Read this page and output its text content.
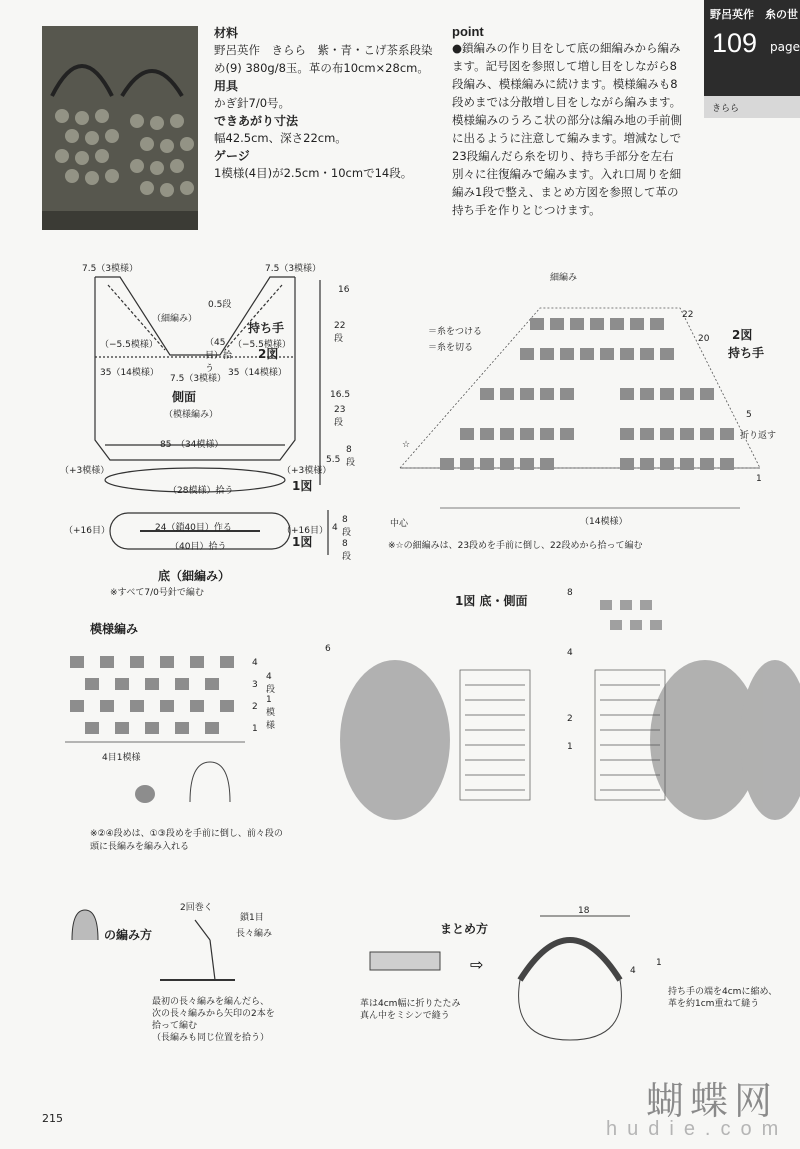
材料
野呂英作　きらら　紫・青・こげ茶系段染め(9) 380g/8玉。革の布10cm×28cm。
用具
かぎ針7/0号。
できあがり寸法
幅42.5cm、深さ22cm。
ゲージ
1模様(4目)が2.5cm・10cmで14段。
point
●鎖編みの作り目をして底の細編みから編みます。記号図を参照して増し目をしながら8段編み、模様編みに続けます。模様編みも8段めまでは分散増し目をしながら編みます。模様編みのうろこ状の部分は編み地の手前側に出るように注意して編みます。増減なしで23段編んだら糸を切り、持ち手部分を左右別々に往復編みで編みます。入れ口周りを細編み1段で整え、まとめ方図を参照して革の持ち手を作りとじつけます。
野呂英作　糸の世
109 page
きらら
7.5（3模様）	7.5（3模様）
0.5段
（細編み）
持ち手
（−5.5模様）	（−5.5模様）
（45目）拾う
2図
35（14模様）
7.5（3模様）
35（14模様）
側面
（模様編み）
85　（34模様）
（+3模様）	（+3模様）
（28模様）拾う	1図
（+16目）	（+16目）
24（鎖40目）作る
（40目）拾う	1図
底（細編み）
※すべて7/0号針で編む
16
22段
16.5
23段
5.5
8段
4
8段
8段
＝糸をつける
＝糸を切る
2図
持ち手
細編み
22
20
5
折り返す
1
☆
中心	（14模様）
※☆の細編みは、23段めを手前に倒し、22段めから拾って編む
模様編み
4
3
2
1
4段1模様
4目1模様
※②④段めは、①③段めを手前に倒し、前々段の頭に長編みを編み入れる
1図 底・側面
8
6	4
2
1
の編み方
2回巻く
鎖1目
長々編み
最初の長々編みを編んだら、
次の長々編みから矢印の2本を
拾って編む
（長編みも同じ位置を拾う）
⇨
まとめ方
18
4
1
革は4cm幅に折りたたみ
真ん中をミシンで縫う
持ち手の端を4cmに縮め、
革を約1cm重ねて縫う
蝴蝶网
hudie.com
215
